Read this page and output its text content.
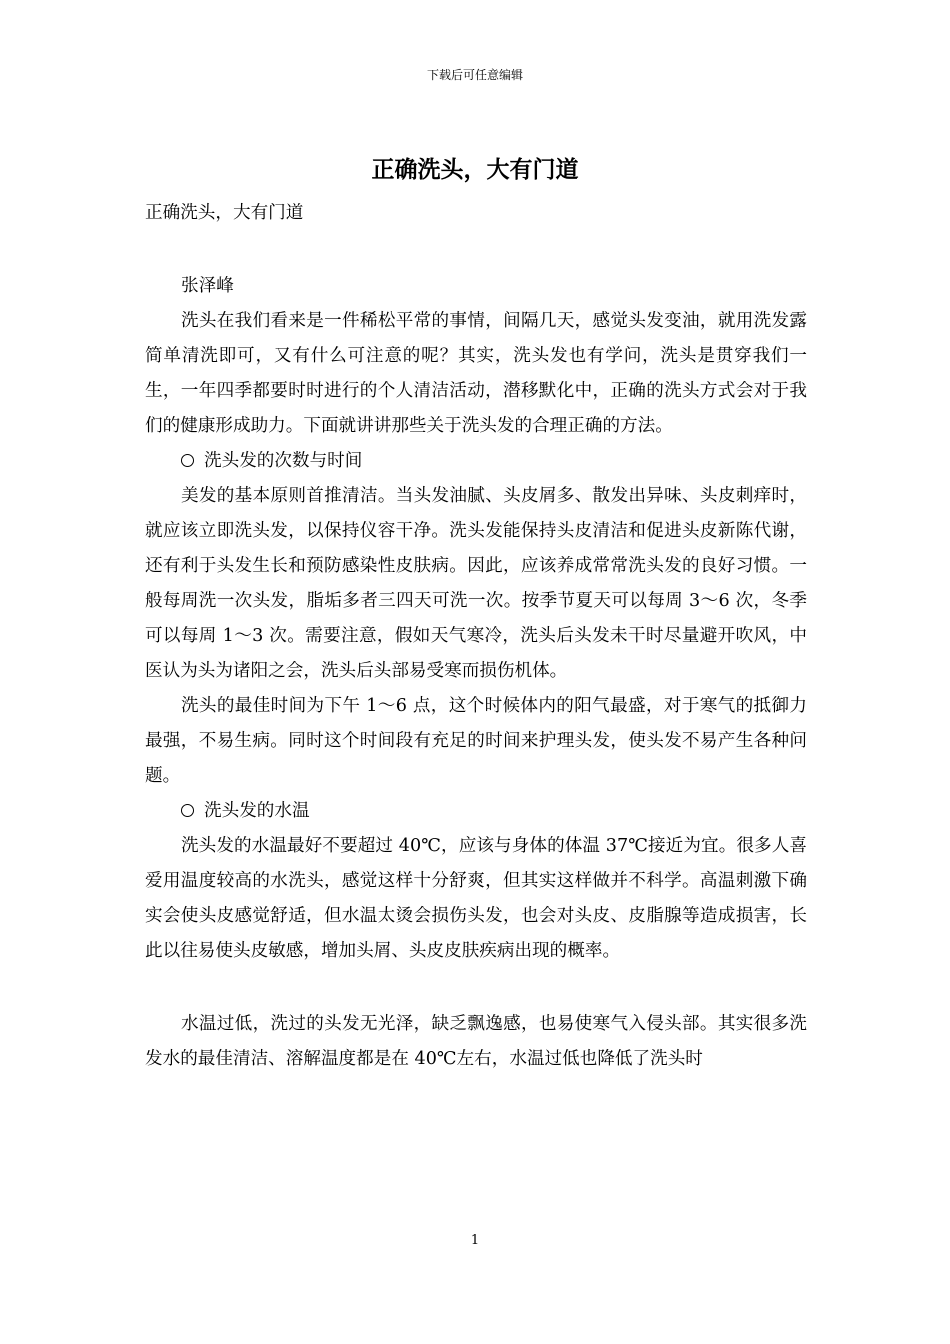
下载后可任意编辑
正确洗头，大有门道

正确洗头，大有门道

张泽峰

洗头在我们看来是一件稀松平常的事情，间隔几天，感觉头发变油，就用洗发露简单清洗即可，又有什么可注意的呢？其实，洗头发也有学问，洗头是贯穿我们一生，一年四季都要时时进行的个人清洁活动，潜移默化中，正确的洗头方式会对于我们的健康形成助力。下面就讲讲那些关于洗头发的合理正确的方法。

洗头发的次数与时间

美发的基本原则首推清洁。当头发油腻、头皮屑多、散发出异味、头皮刺痒时，就应该立即洗头发，以保持仪容干净。洗头发能保持头皮清洁和促进头皮新陈代谢，还有利于头发生长和预防感染性皮肤病。因此，应该养成常常洗头发的良好习惯。一般每周洗一次头发，脂垢多者三四天可洗一次。按季节夏天可以每周 3～6 次，冬季可以每周 1～3 次。需要注意，假如天气寒冷，洗头后头发未干时尽量避开吹风，中医认为头为诸阳之会，洗头后头部易受寒而损伤机体。

洗头的最佳时间为下午 1～6 点，这个时候体内的阳气最盛，对于寒气的抵御力最强，不易生病。同时这个时间段有充足的时间来护理头发，使头发不易产生各种问题。

洗头发的水温

洗头发的水温最好不要超过 40℃，应该与身体的体温 37℃接近为宜。很多人喜爱用温度较高的水洗头，感觉这样十分舒爽，但其实这样做并不科学。高温刺激下确实会使头皮感觉舒适，但水温太烫会损伤头发，也会对头皮、皮脂腺等造成损害，长此以往易使头皮敏感，增加头屑、头皮皮肤疾病出现的概率。

水温过低，洗过的头发无光泽，缺乏飘逸感，也易使寒气入侵头部。其实很多洗发水的最佳清洁、溶解温度都是在 40℃左右，水温过低也降低了洗头时

1
